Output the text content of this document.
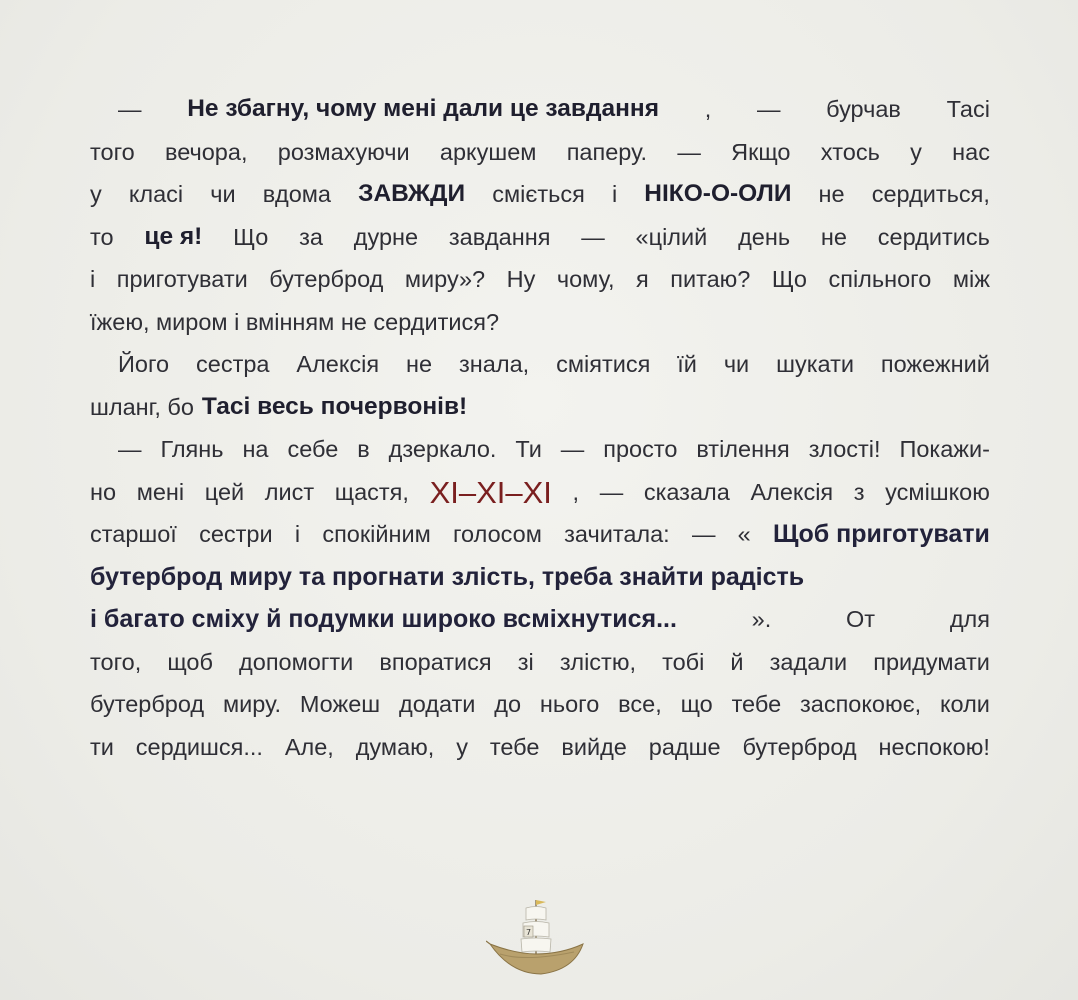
— Не збагну, чому мені дали це завдання , — бурчав Тасі
того вечора, розмахуючи аркушем паперу. — Якщо хтось у нас
у класі чи вдома ЗАВЖДИ сміється і НІКО-О-ОЛИ не сердиться,
то це я! Що за дурне завдання — «цілий день не сердитись
і приготувати бутерброд миру»? Ну чому, я питаю? Що спільного між
їжею, миром і вмінням не сердитися?
Його сестра Алексія не знала, сміятися їй чи шукати пожежний
шланг, бо Тасі весь почервонів!
— Глянь на себе в дзеркало. Ти — просто втілення злості! Покажи-
но мені цей лист щастя, ХІ–ХІ–ХІ , — сказала Алексія з усмішкою
старшої сестри і спокійним голосом зачитала: — « Щоб приготувати
бутерброд миру та прогнати злість, треба знайти радість
і багато сміху й подумки широко всміхнутися...	».	От	для
того, щоб допомогти впоратися зі злістю, тобі й задали придумати
бутерброд миру. Можеш додати до нього все, що тебе заспокоює, коли
ти сердишся... Але, думаю, у тебе вийде радше бутерброд неспокою!
7
